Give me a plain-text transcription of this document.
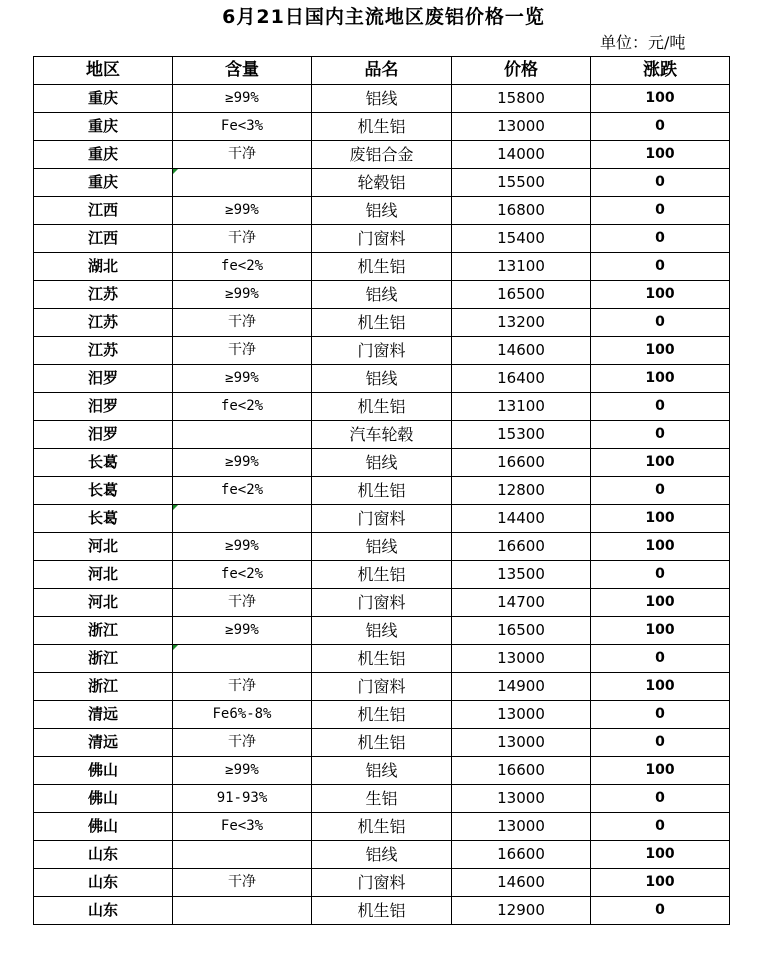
6月21日国内主流地区废铝价格一览
单位：元/吨
地区	含量	品名	价格	涨跌
重庆	≥99%	铝线	15800	100
重庆	Fe<3%	机生铝	13000	0
重庆	干净	废铝合金	14000	100
重庆		轮毂铝	15500	0
江西	≥99%	铝线	16800	0
江西	干净	门窗料	15400	0
湖北	fe<2%	机生铝	13100	0
江苏	≥99%	铝线	16500	100
江苏	干净	机生铝	13200	0
江苏	干净	门窗料	14600	100
汨罗	≥99%	铝线	16400	100
汨罗	fe<2%	机生铝	13100	0
汨罗		汽车轮毂	15300	0
长葛	≥99%	铝线	16600	100
长葛	fe<2%	机生铝	12800	0
长葛		门窗料	14400	100
河北	≥99%	铝线	16600	100
河北	fe<2%	机生铝	13500	0
河北	干净	门窗料	14700	100
浙江	≥99%	铝线	16500	100
浙江		机生铝	13000	0
浙江	干净	门窗料	14900	100
清远	Fe6%-8%	机生铝	13000	0
清远	干净	机生铝	13000	0
佛山	≥99%	铝线	16600	100
佛山	91-93%	生铝	13000	0
佛山	Fe<3%	机生铝	13000	0
山东		铝线	16600	100
山东	干净	门窗料	14600	100
山东		机生铝	12900	0
